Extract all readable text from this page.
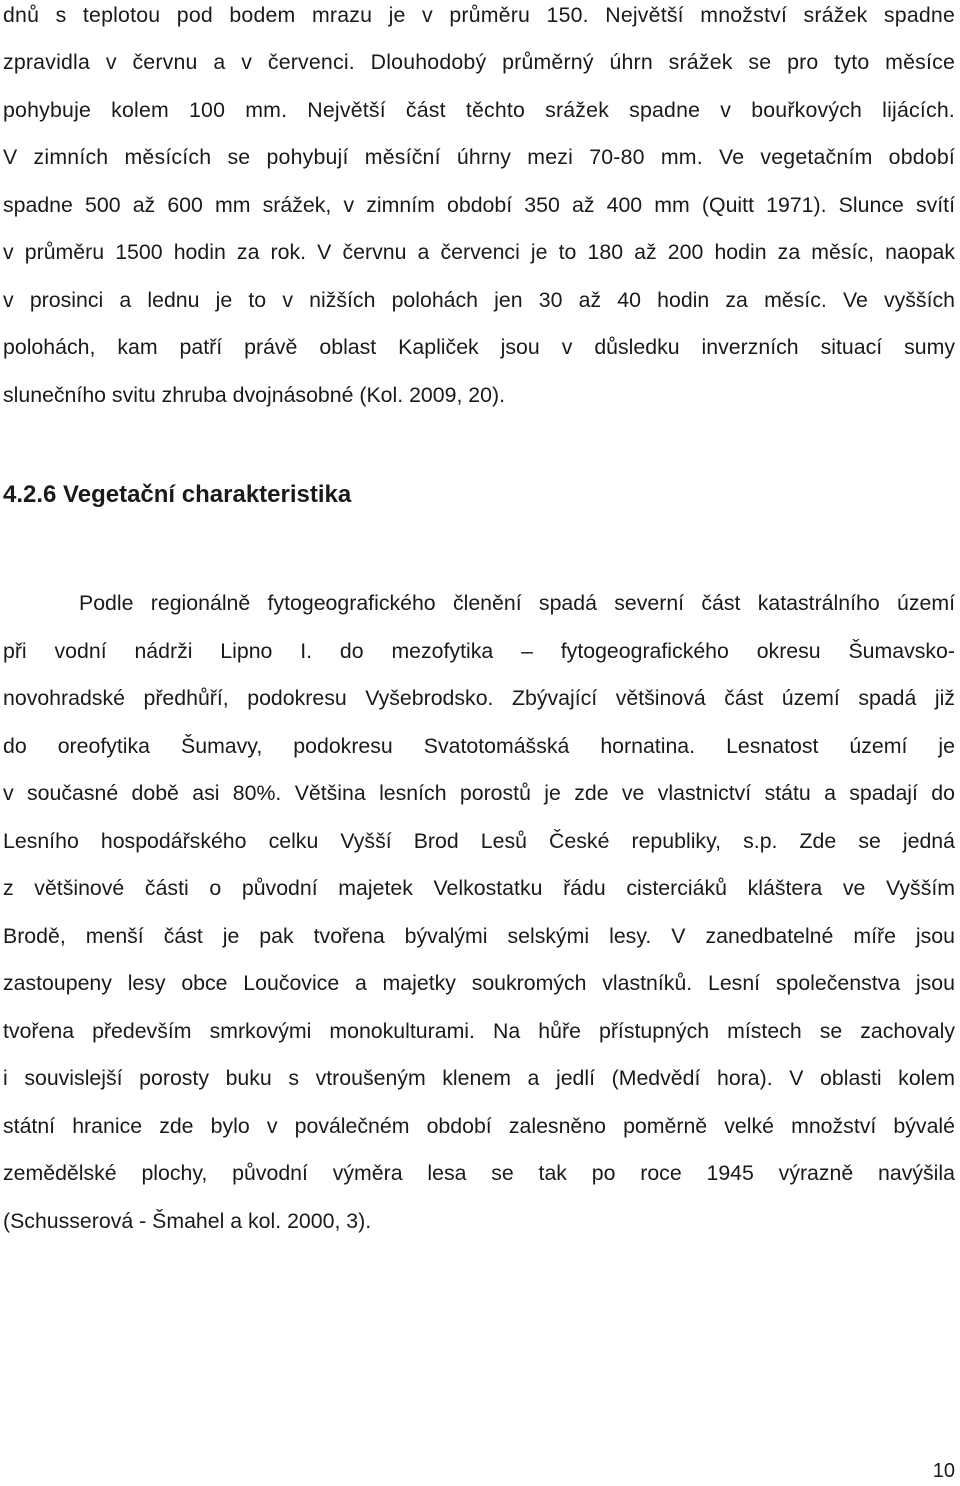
dnů s teplotou pod bodem mrazu je v průměru 150. Největší množství srážek spadne
zpravidla v červnu a v červenci. Dlouhodobý průměrný úhrn srážek se pro tyto měsíce
pohybuje kolem 100 mm. Největší část těchto srážek spadne v bouřkových lijácích.
V zimních měsících se pohybují měsíční úhrny mezi 70-80 mm. Ve vegetačním období
spadne 500 až 600 mm srážek, v zimním období 350 až 400 mm (Quitt 1971). Slunce svítí
v průměru 1500 hodin za rok. V červnu a červenci je to 180 až 200 hodin za měsíc, naopak
v prosinci a lednu je to v nižších polohách jen 30 až 40 hodin za měsíc. Ve vyšších
polohách, kam patří právě oblast Kapliček jsou v důsledku inverzních situací sumy
slunečního svitu zhruba dvojnásobné (Kol. 2009, 20).
4.2.6 Vegetační charakteristika
Podle regionálně fytogeografického členění spadá severní část katastrálního území
při vodní nádrži Lipno I. do mezofytika – fytogeografického okresu Šumavsko-
novohradské předhůří, podokresu Vyšebrodsko. Zbývající většinová část území spadá již
do oreofytika Šumavy, podokresu Svatotomášská hornatina. Lesnatost území je
v současné době asi 80%. Většina lesních porostů je zde ve vlastnictví státu a spadají do
Lesního hospodářského celku Vyšší Brod Lesů České republiky, s.p. Zde se jedná
z většinové části o původní majetek Velkostatku řádu cisterciáků kláštera ve Vyšším
Brodě, menší část je pak tvořena bývalými selskými lesy. V zanedbatelné míře jsou
zastoupeny lesy obce Loučovice a majetky soukromých vlastníků. Lesní společenstva jsou
tvořena především smrkovými monokulturami. Na hůře přístupných místech se zachovaly
i souvislejší porosty buku s vtroušeným klenem a jedlí (Medvědí hora). V oblasti kolem
státní hranice zde bylo v poválečném období zalesněno poměrně velké množství bývalé
zemědělské plochy, původní výměra lesa se tak po roce 1945 výrazně navýšila
(Schusserová - Šmahel a kol. 2000, 3).
10
